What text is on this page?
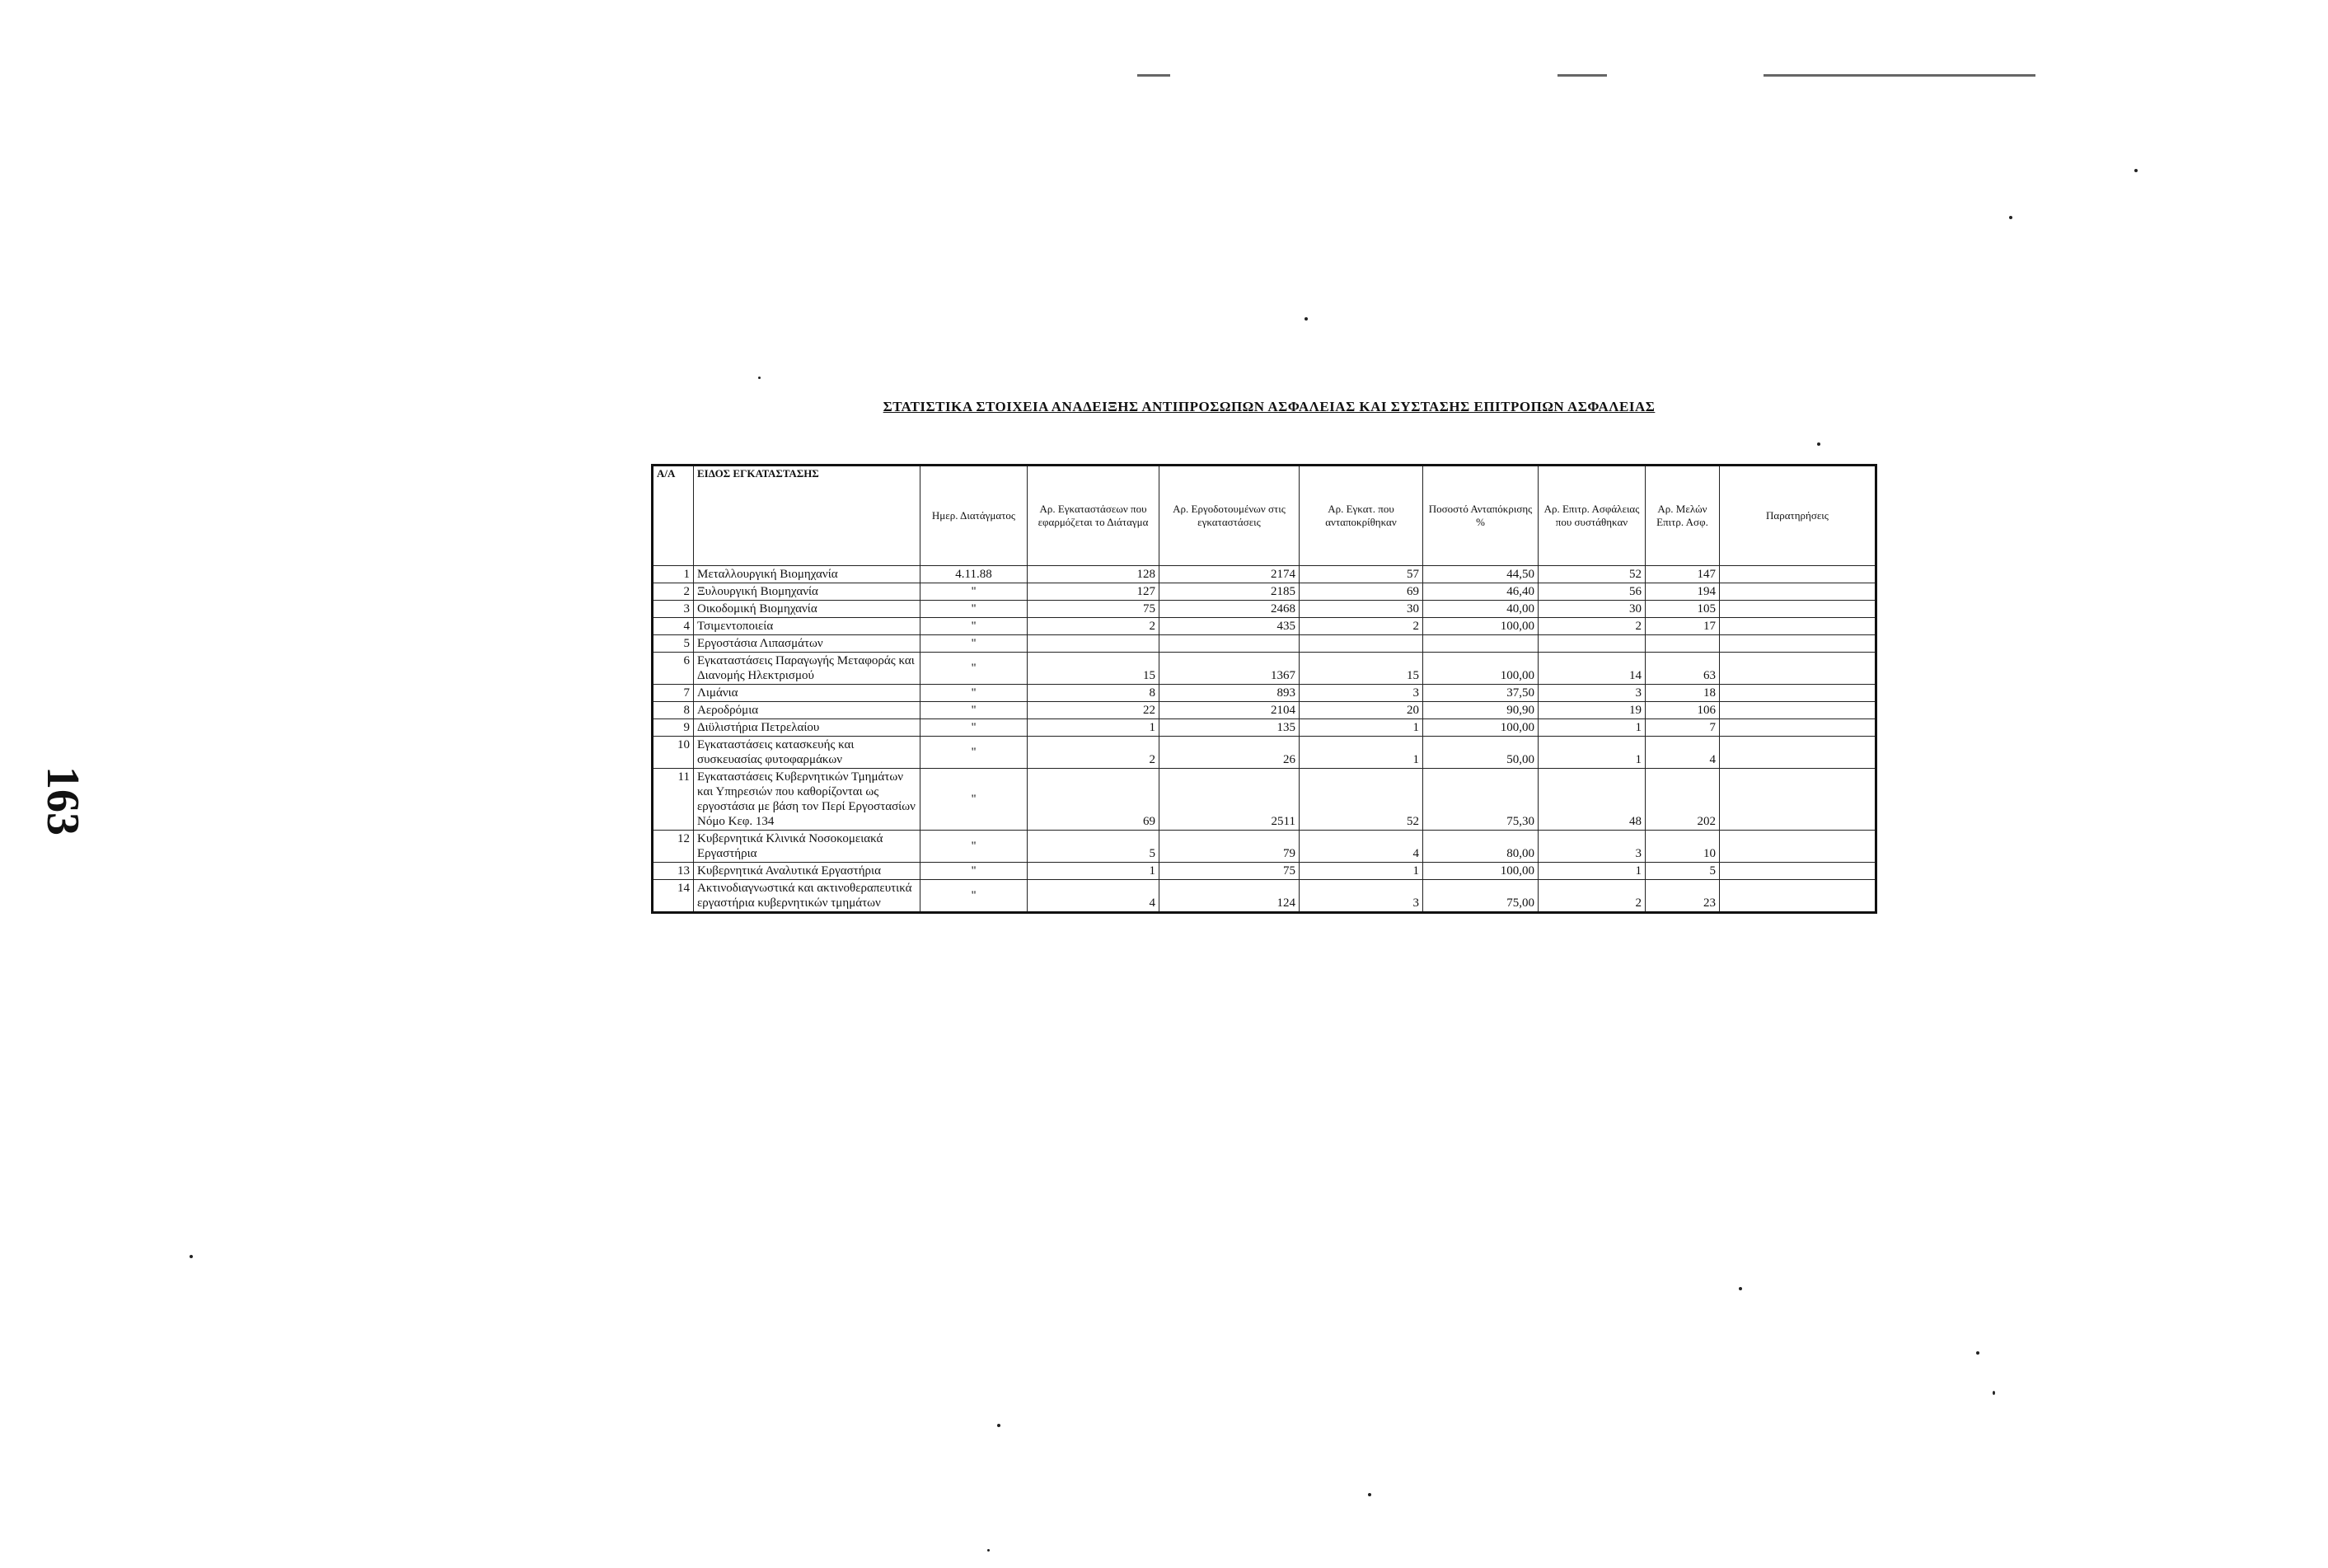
163
ΣΤΑΤΙΣΤΙΚΑ ΣΤΟΙΧΕΙΑ ΑΝΑΔΕΙΞΗΣ ΑΝΤΙΠΡΟΣΩΠΩΝ ΑΣΦΑΛΕΙΑΣ ΚΑΙ ΣΥΣΤΑΣΗΣ ΕΠΙΤΡΟΠΩΝ ΑΣΦΑΛΕΙΑΣ
Α/Α	ΕΙΔΟΣ ΕΓΚΑΤΑΣΤΑΣΗΣ	Ημερ. Διατάγματος	Αρ. Εγκαταστάσεων που εφαρμόζεται το Διάταγμα	Αρ. Εργοδοτουμένων στις εγκαταστάσεις	Αρ. Εγκατ. που ανταποκρίθηκαν	Ποσοστό Ανταπόκρισης %	Αρ. Επιτρ. Ασφάλειας που συστάθηκαν	Αρ. Μελών Επιτρ. Ασφ.	Παρατηρήσεις
1	Μεταλλουργική Βιομηχανία	4.11.88	128	2174	57	44,50	52	147	
2	Ξυλουργική Βιομηχανία	"	127	2185	69	46,40	56	194	
3	Οικοδομική Βιομηχανία	"	75	2468	30	40,00	30	105	
4	Τσιμεντοποιεία	"	2	435	2	100,00	2	17	
5	Εργοστάσια Λιπασμάτων	"							
6	Εγκαταστάσεις Παραγωγής Μεταφοράς και Διανομής Ηλεκτρισμού	"	15	1367	15	100,00	14	63	
7	Λιμάνια	"	8	893	3	37,50	3	18	
8	Αεροδρόμια	"	22	2104	20	90,90	19	106	
9	Διϋλιστήρια Πετρελαίου	"	1	135	1	100,00	1	7	
10	Εγκαταστάσεις κατασκευής και συσκευασίας φυτοφαρμάκων	"	2	26	1	50,00	1	4	
11	Εγκαταστάσεις Κυβερνητικών Τμημάτων και Υπηρεσιών που καθορίζονται ως εργοστάσια με βάση τον Περί Εργοστασίων Νόμο Κεφ. 134	"	69	2511	52	75,30	48	202	
12	Κυβερνητικά Κλινικά Νοσοκομειακά Εργαστήρια	"	5	79	4	80,00	3	10	
13	Κυβερνητικά Αναλυτικά Εργαστήρια	"	1	75	1	100,00	1	5	
14	Ακτινοδιαγνωστικά και ακτινοθεραπευτικά εργαστήρια κυβερνητικών τμημάτων	"	4	124	3	75,00	2	23	
